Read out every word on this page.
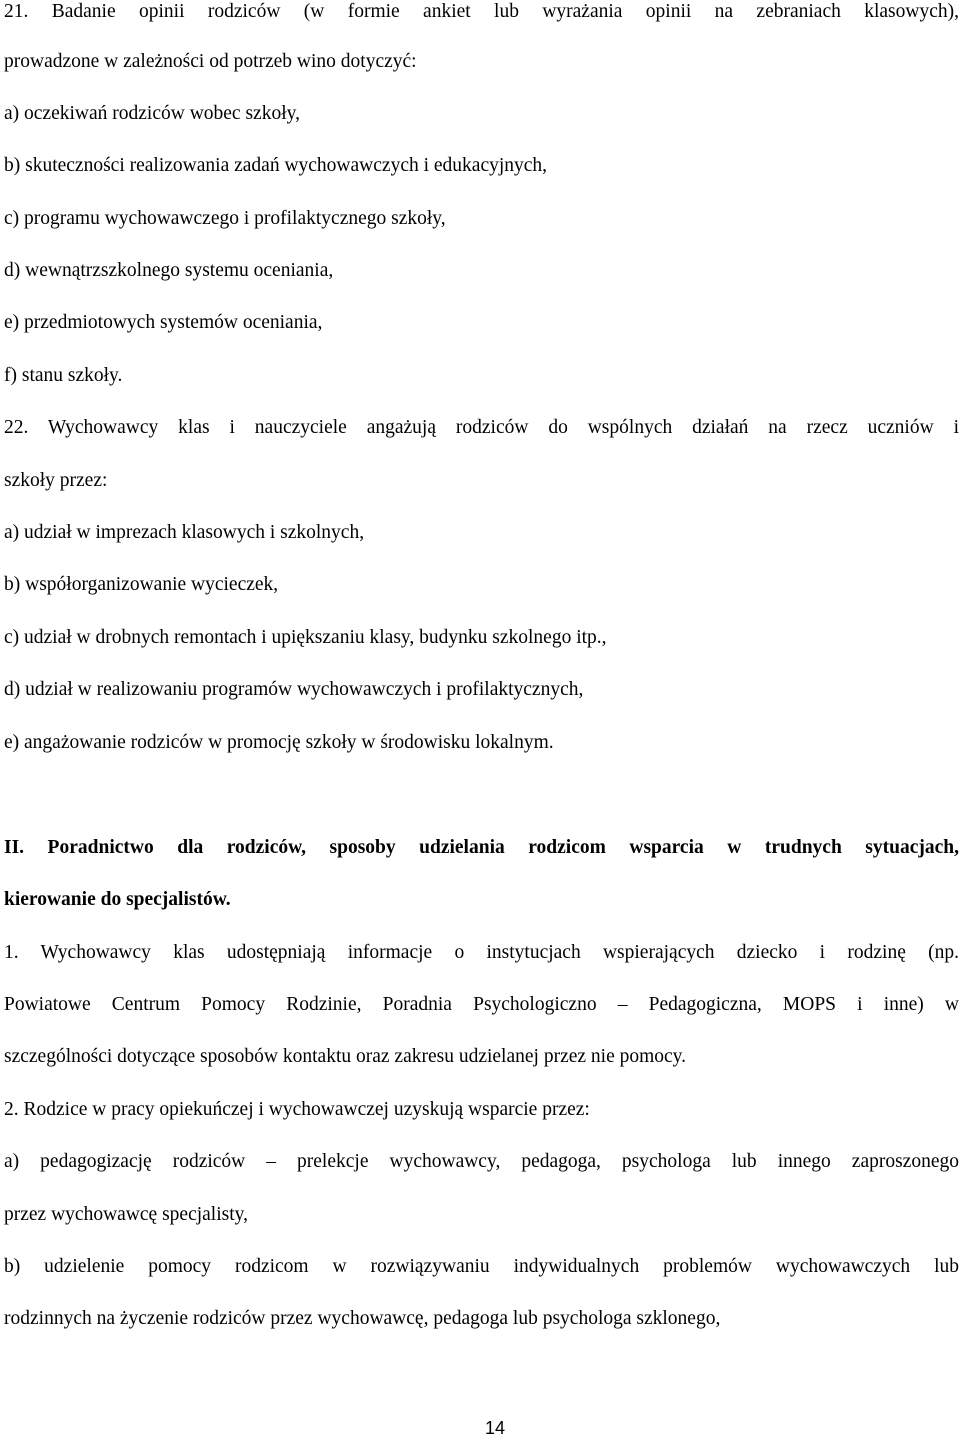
21. Badanie opinii rodziców (w formie ankiet lub wyrażania opinii na zebraniach klasowych),
prowadzone w zależności od potrzeb wino dotyczyć:
a) oczekiwań rodziców wobec szkoły,
b) skuteczności realizowania zadań wychowawczych i edukacyjnych,
c) programu wychowawczego i profilaktycznego szkoły,
d) wewnątrzszkolnego systemu oceniania,
e) przedmiotowych systemów oceniania,
f) stanu szkoły.
22. Wychowawcy klas i nauczyciele angażują rodziców do wspólnych działań na rzecz uczniów i
szkoły przez:
a) udział w imprezach klasowych i szkolnych,
b) współorganizowanie wycieczek,
c) udział w drobnych remontach i upiększaniu klasy, budynku szkolnego itp.,
d) udział w realizowaniu programów wychowawczych i profilaktycznych,
e) angażowanie rodziców w promocję szkoły w środowisku lokalnym.
II. Poradnictwo dla rodziców, sposoby udzielania rodzicom wsparcia w trudnych sytuacjach,
kierowanie do specjalistów.
1. Wychowawcy klas udostępniają informacje o instytucjach wspierających dziecko i rodzinę (np.
Powiatowe Centrum Pomocy Rodzinie, Poradnia Psychologiczno – Pedagogiczna, MOPS i inne) w
szczególności dotyczące sposobów kontaktu oraz zakresu udzielanej przez nie pomocy.
2. Rodzice w pracy opiekuńczej i wychowawczej uzyskują wsparcie przez:
a) pedagogizację rodziców – prelekcje wychowawcy, pedagoga, psychologa lub innego zaproszonego
przez wychowawcę specjalisty,
b) udzielenie pomocy rodzicom w rozwiązywaniu indywidualnych problemów wychowawczych lub
rodzinnych na życzenie rodziców przez wychowawcę, pedagoga lub psychologa szklonego,
14
